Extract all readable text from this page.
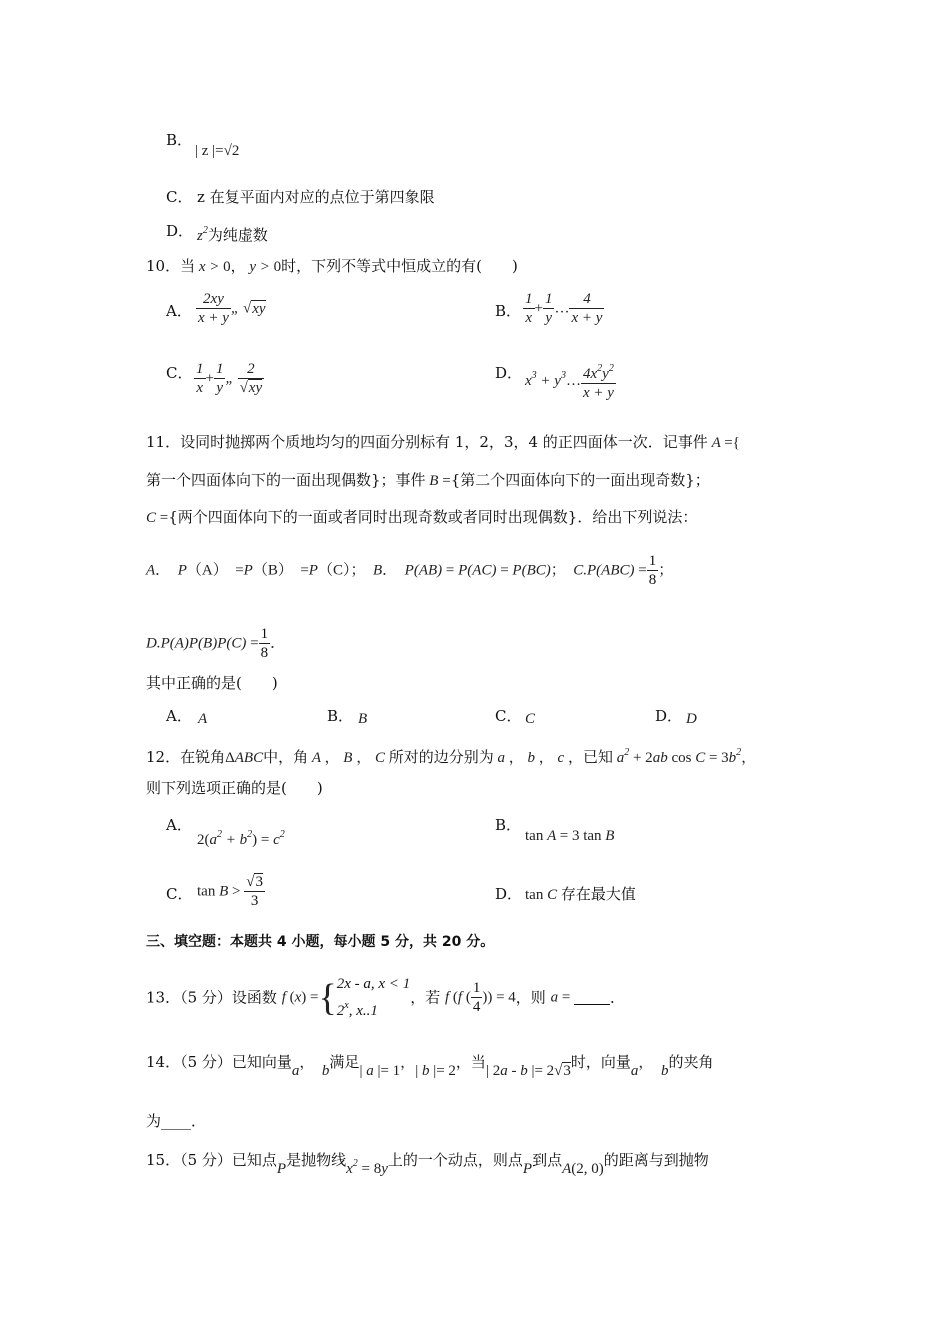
B．
| z |=√2
C． z 在复平面内对应的点位于第四象限
D． $z^2$为纯虚数
10．当 x > 0， y > 0时，下列不等式中恒成立的有(　　)
A． $\frac{2xy}{x + y}$ „ √xy	B． $\frac{1}{x} + \frac{1}{y}$ … $\frac{4}{x + y}$
C． $\frac{1}{x} + \frac{1}{y}$ „ $\frac{2}{√xy}$	D． $x^3$ + $y^3\dots \frac{4x^2y^2}{x + y}$
11．设同时抛掷两个质地均匀的四面分别标有 1，2，3，4 的正四面体一次．记事件 A ={
第一个四面体向下的一面出现偶数}；事件 B ={第二个四面体向下的一面出现奇数}；
C ={两个四面体向下的一面或者同时出现奇数或者同时出现偶数}．给出下列说法：
A．　P（A）　=P（B）　=P（C）；　B．　P(AB) = P(AC) = P(BC)；　$C.P(ABC) = \frac{1}{8}$ ；
$D.P(A)P(B)P(C) = \frac{1}{8}$ ．
其中正确的是(　　)
A． A	B． B	C． C	D． D
12．在锐角ΔABC中，角 A ， B ， C 所对的边分别为 a ， b ， c ，已知 $a^2 + 2ab$ $\cos C = 3b^2$，
则下列选项正确的是(　　)
A．
$2(a^2 + b^2) = c^2$
B．
tan A = 3 tan B
C． $\tan B > \frac{√3}{3}$	D． tan C 存在最大值
三、填空题：本题共 4 小题，每小题 5 分，共 20 分。
13．（5 分）设函数 f (x) ={ 2x - a, x < 1
2$^x$, x..1
，若 f (f ( $\frac{1}{4}$ )) = 4，则 a = ．
14．（5 分）已知向量a，　b满足| a |= 1，| b |= 2，当| 2a - b |= 2√3时，向量a，　b的夹角
为____．
15．（5 分）已知点P是抛物线$x^2 = 8y$上的一个动点，则点P到点A(2, 0)的距离与到抛物
